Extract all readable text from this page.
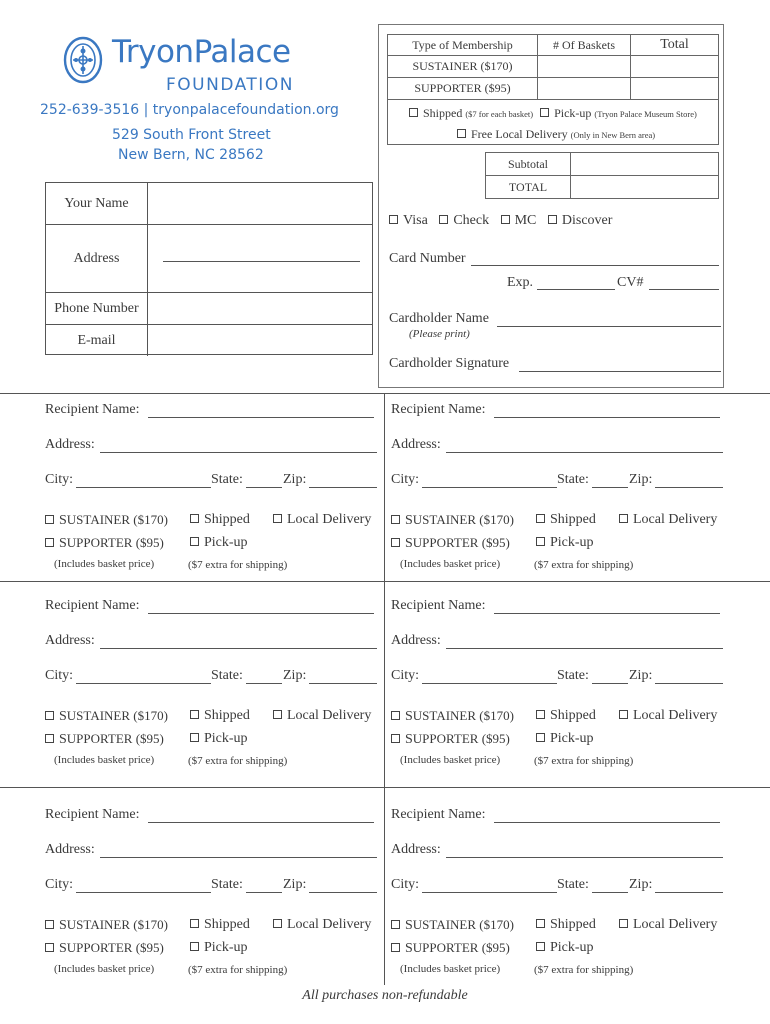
TryonPalace
FOUNDATION
252-639-3516 | tryonpalacefoundation.org
529 South Front Street
New Bern, NC 28562
Your Name
Address
Phone Number
E-mail
Type of Membership	# Of Baskets	Total
SUSTAINER ($170)
SUPPORTER ($95)
Shipped ($7 for each basket) Pick-up (Tryon Palace Museum Store)
Free Local Delivery (Only in New Bern area)
Subtotal
TOTAL
Visa Check MC Discover
Card Number
Exp.	CV#
Cardholder Name
(Please print)
Cardholder Signature
Recipient Name:
Address:
City:	State:	Zip:
SUSTAINER ($170)
SUPPORTER ($95)
(Includes basket price)
Shipped
Pick-up
($7 extra for shipping)
Local Delivery
Recipient Name:
Address:
City:	State:	Zip:
SUSTAINER ($170)
SUPPORTER ($95)
(Includes basket price)
Shipped
Pick-up
($7 extra for shipping)
Local Delivery
Recipient Name:
Address:
City:	State:	Zip:
SUSTAINER ($170)
SUPPORTER ($95)
(Includes basket price)
Shipped
Pick-up
($7 extra for shipping)
Local Delivery
Recipient Name:
Address:
City:	State:	Zip:
SUSTAINER ($170)
SUPPORTER ($95)
(Includes basket price)
Shipped
Pick-up
($7 extra for shipping)
Local Delivery
Recipient Name:
Address:
City:	State:	Zip:
SUSTAINER ($170)
SUPPORTER ($95)
(Includes basket price)
Shipped
Pick-up
($7 extra for shipping)
Local Delivery
Recipient Name:
Address:
City:	State:	Zip:
SUSTAINER ($170)
SUPPORTER ($95)
(Includes basket price)
Shipped
Pick-up
($7 extra for shipping)
Local Delivery
All purchases non-refundable
